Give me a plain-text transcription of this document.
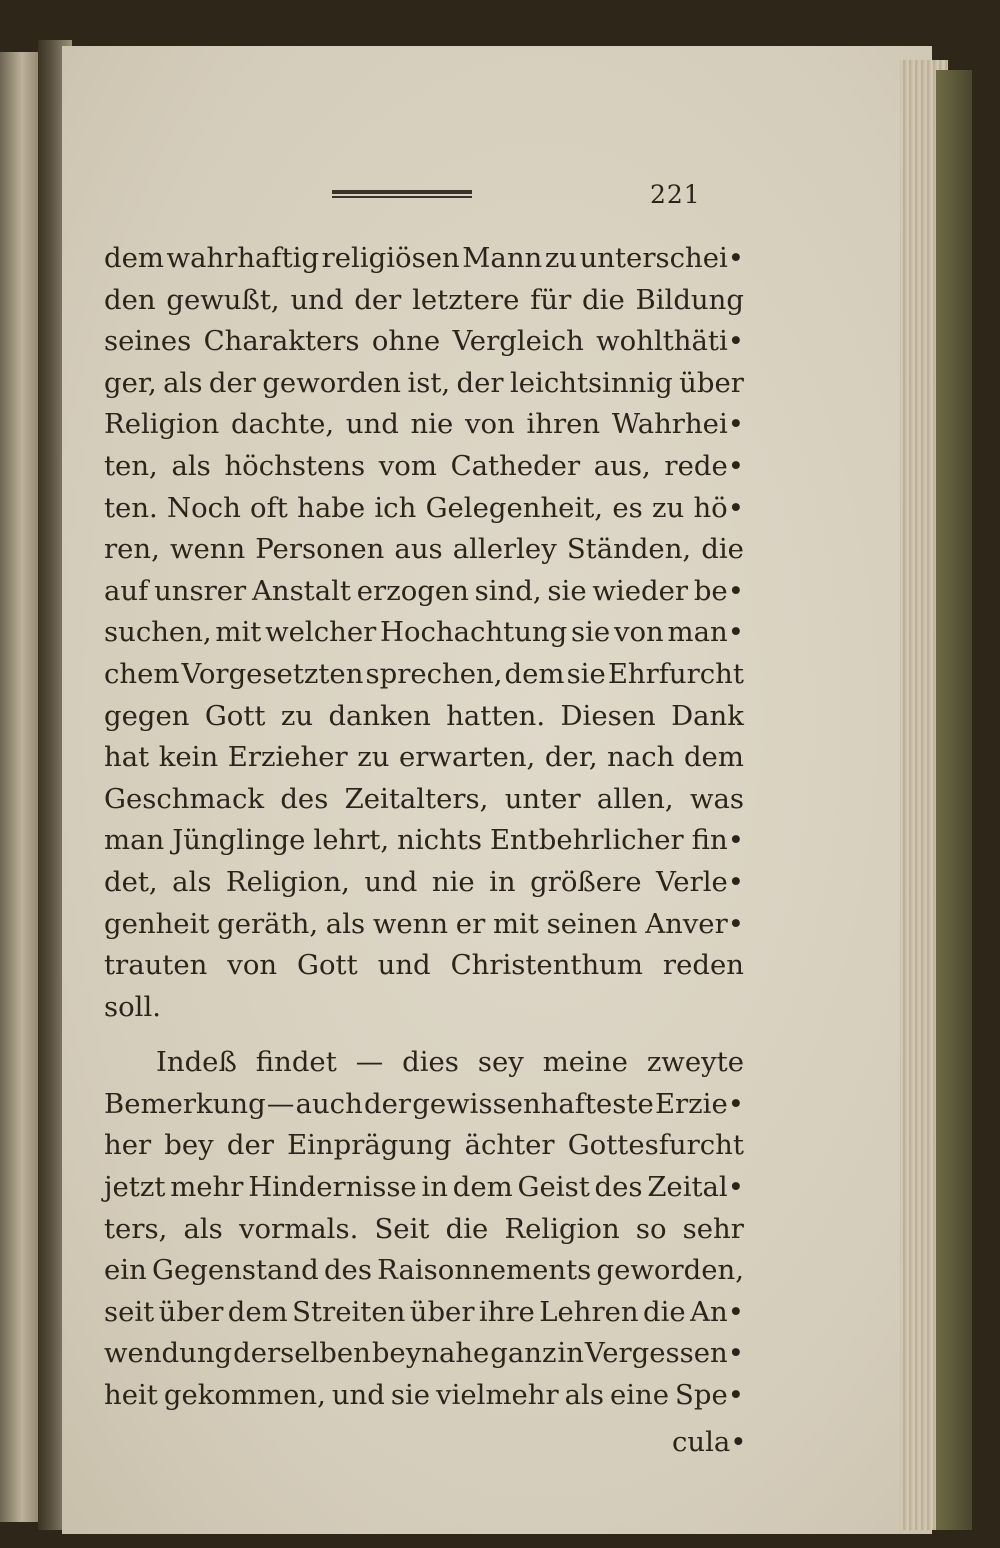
221
dem wahrhaftig religiösen Mann zu unterschei•
den gewußt, und der letztere für die Bildung
seines Charakters ohne Vergleich wohlthäti•
ger, als der geworden ist, der leichtsinnig über
Religion dachte, und nie von ihren Wahrhei•
ten, als höchstens vom Catheder aus, rede•
ten. Noch oft habe ich Gelegenheit, es zu hö•
ren, wenn Personen aus allerley Ständen, die
auf unsrer Anstalt erzogen sind, sie wieder be•
suchen, mit welcher Hochachtung sie von man•
chem Vorgesetzten sprechen, dem sie Ehrfurcht
gegen Gott zu danken hatten. Diesen Dank
hat kein Erzieher zu erwarten, der, nach dem
Geschmack des Zeitalters, unter allen, was
man Jünglinge lehrt, nichts Entbehrlicher fin•
det, als Religion, und nie in größere Verle•
genheit geräth, als wenn er mit seinen Anver•
trauten von Gott und Christenthum reden
soll.
Indeß findet — dies sey meine zweyte
Bemerkung — auch der gewissenhafteste Erzie•
her bey der Einprägung ächter Gottesfurcht
jetzt mehr Hindernisse in dem Geist des Zeital•
ters, als vormals. Seit die Religion so sehr
ein Gegenstand des Raisonnements geworden,
seit über dem Streiten über ihre Lehren die An•
wendung derselben beynahe ganz in Vergessen•
heit gekommen, und sie vielmehr als eine Spe•
cula•
